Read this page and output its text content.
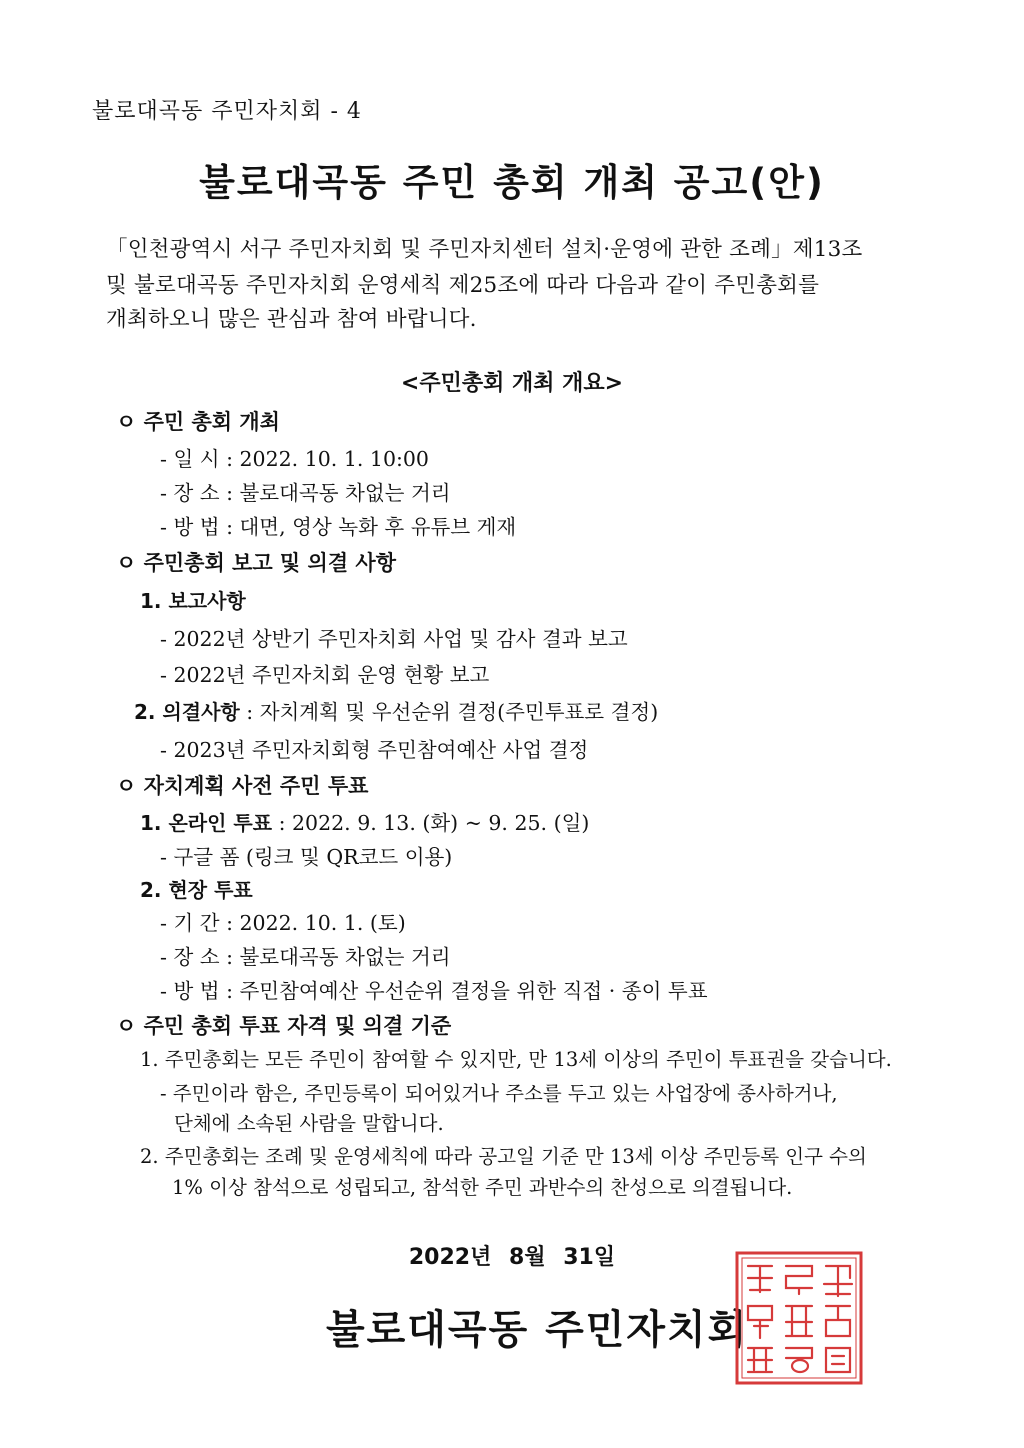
불로대곡동 주민자치회 - 4
불로대곡동 주민 총회 개최 공고(안)
「인천광역시 서구 주민자치회 및 주민자치센터 설치·운영에 관한 조례」제13조
및 불로대곡동 주민자치회 운영세칙 제25조에 따라 다음과 같이 주민총회를
개최하오니 많은 관심과 참여 바랍니다.
<주민총회 개최 개요>
ㅇ 주민 총회 개최
- 일 시 : 2022. 10. 1. 10:00
- 장 소 : 불로대곡동 차없는 거리
- 방 법 : 대면, 영상 녹화 후 유튜브 게재
ㅇ 주민총회 보고 및 의결 사항
1. 보고사항
- 2022년 상반기 주민자치회 사업 및 감사 결과 보고
- 2022년 주민자치회 운영 현황 보고
2. 의결사항 : 자치계획 및 우선순위 결정(주민투표로 결정)
- 2023년 주민자치회형 주민참여예산 사업 결정
ㅇ 자치계획 사전 주민 투표
1. 온라인 투표 : 2022. 9. 13. (화) ~ 9. 25. (일)
- 구글 폼 (링크 및 QR코드 이용)
2. 현장 투표
- 기 간 : 2022. 10. 1. (토)
- 장 소 : 불로대곡동 차없는 거리
- 방 법 : 주민참여예산 우선순위 결정을 위한 직접 · 종이 투표
ㅇ 주민 총회 투표 자격 및 의결 기준
1. 주민총회는 모든 주민이 참여할 수 있지만, 만 13세 이상의 주민이 투표권을 갖습니다.
- 주민이라 함은, 주민등록이 되어있거나 주소를 두고 있는 사업장에 종사하거나,
단체에 소속된 사람을 말합니다.
2. 주민총회는 조례 및 운영세칙에 따라 공고일 기준 만 13세 이상 주민등록 인구 수의
1% 이상 참석으로 성립되고, 참석한 주민 과반수의 찬성으로 의결됩니다.
2022년 8월 31일
불로대곡동 주민자치회
